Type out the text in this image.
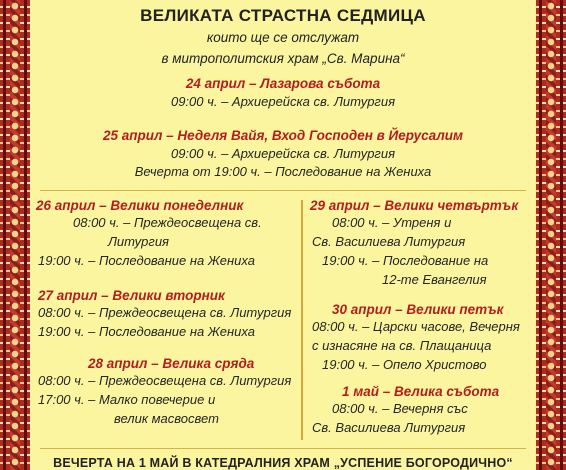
ВЕЛИКАТА СТРАСТНА СЕДМИЦА
които ще се отслужат
в митрополитския храм „Св. Марина“
24 април – Лазарова събота
09:00 ч. – Архиерейска св. Литургия
25 април – Неделя Вайя, Вход Господен в Йерусалим
09:00 ч. – Архиерейска св. Литургия
Вечерта от 19:00 ч. – Последование на Жениха
26 април – Велики понеделник
08:00 ч. – Преждеосвещена св.
Литургия
19:00 ч. – Последование на Жениха
27 април – Велики вторник
08:00 ч. – Преждеосвещена св. Литургия
19:00 ч. – Последование на Жениха
28 април – Велика сряда
08:00 ч. – Преждеосвещена св. Литургия
17:00 ч. – Малко повечерие и
велик масвосвет
29 април – Велики четвъртък
08:00 ч. – Утреня и
Св. Василиева Литургия
19:00 ч. – Последование на
12-те Евангелия
30 април – Велики петък
08:00 ч. – Царски часове, Вечерня
с изнасяне на св. Плащаница
19:00 ч. – Опело Христово
1 май – Велика събота
08:00 ч. – Вечерня със
Св. Василиева Литургия
ВЕЧЕРТА НА 1 МАЙ В КАТЕДРАЛНИЯ ХРАМ „УСПЕНИЕ БОГОРОДИЧНО“
